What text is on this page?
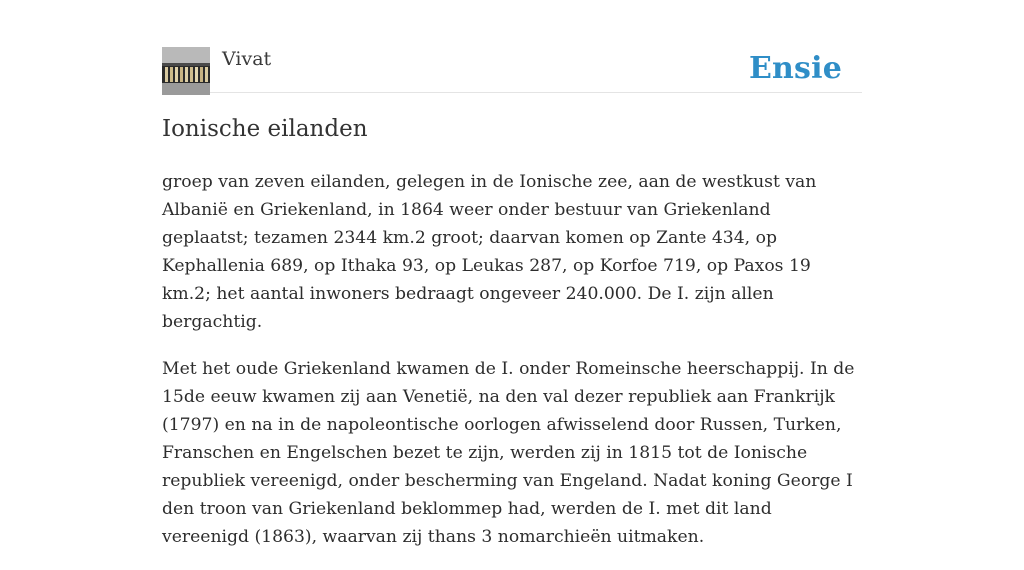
Vivat	Ensie
Ionische eilanden

groep van zeven eilanden, gelegen in de Ionische zee, aan de westkust van Albanië en Griekenland, in 1864 weer onder bestuur van Griekenland geplaatst; tezamen 2344 km.2 groot; daarvan komen op Zante 434, op Kephallenia 689, op Ithaka 93, op Leukas 287, op Korfoe 719, op Paxos 19 km.2; het aantal inwoners bedraagt ongeveer 240.000. De I. zijn allen bergachtig.

Met het oude Griekenland kwamen de I. onder Romeinsche heerschappij. In de 15de eeuw kwamen zij aan Venetië, na den val dezer republiek aan Frankrijk (1797) en na in de napoleontische oorlogen afwisselend door Russen, Turken, Franschen en Engelschen bezet te zijn, werden zij in 1815 tot de Ionische republiek vereenigd, onder bescherming van Engeland. Nadat koning George I den troon van Griekenland beklommep had, werden de I. met dit land vereenigd (1863), waarvan zij thans 3 nomarchieën uitmaken.
